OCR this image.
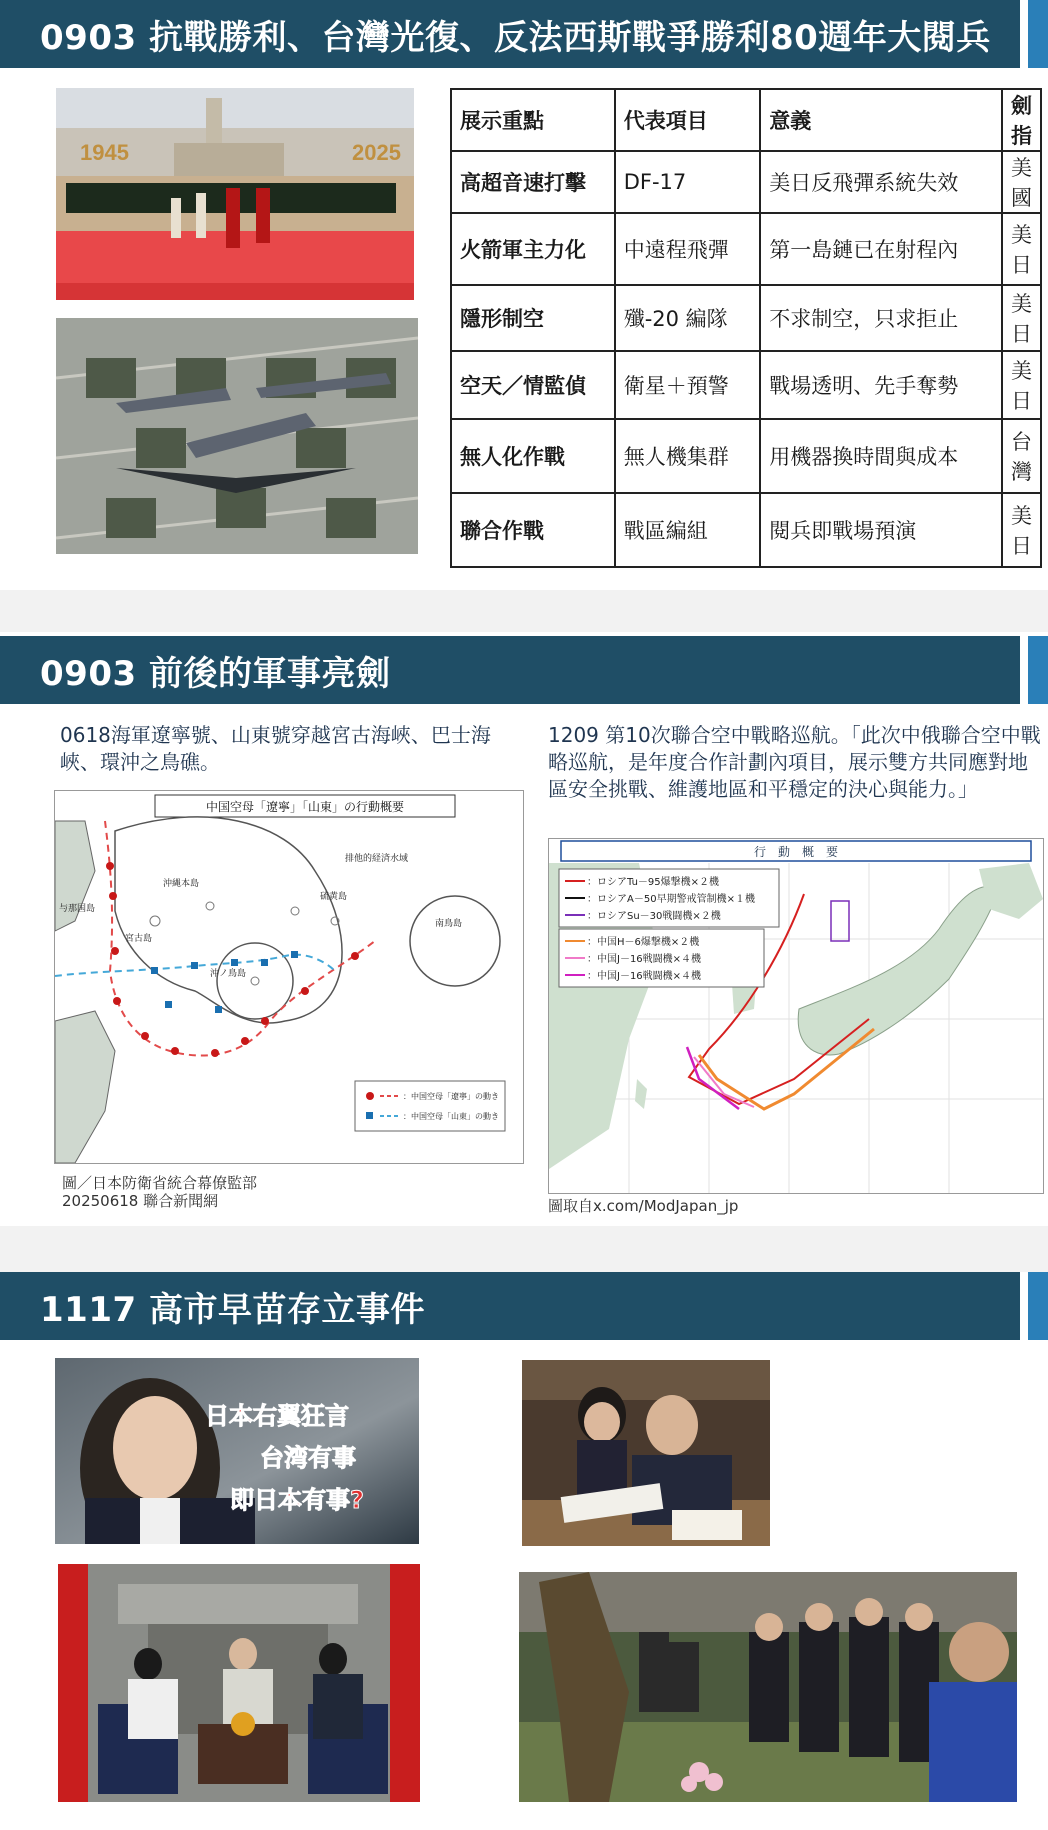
0903 抗戰勝利、台灣光復、反法西斯戰爭勝利80週年大閱兵
1945	2025
展示重點	代表項目	意義	劍指
高超音速打擊	DF-17	美日反飛彈系統失效	美國
火箭軍主力化	中遠程飛彈	第一島鏈已在射程內	美日
隱形制空	殲-20 編隊	不求制空，只求拒止	美日
空天／情監偵	衛星＋預警	戰場透明、先手奪勢	美日
無人化作戰	無人機集群	用機器換時間與成本	台灣
聯合作戰	戰區編組	閱兵即戰場預演	美日
0903 前後的軍事亮劍
0618海軍遼寧號、山東號穿越宮古海峽、巴士海峽、環沖之鳥礁。
中国空母「遼寧」「山東」の行動概要
沖縄本島
宮古島
沖ノ鳥島
硫黄島
南鳥島
排他的経済水域
与那国島
：中国空母「遼寧」の動き
：中国空母「山東」の動き
圖／日本防衛省統合幕僚監部
20250618 聯合新聞網
1209 第10次聯合空中戰略巡航。「此次中俄聯合空中戰略巡航，是年度合作計劃內項目，展示雙方共同應對地區安全挑戰、維護地區和平穩定的決心與能力。」
行　動　概　要
：ロシアTu－95爆撃機×２機
：ロシアA－50早期警戒管制機×１機
：ロシアSu－30戦闘機×２機
：中国H－6爆撃機×２機
：中国J－16戦闘機×４機
：中国J－16戦闘機×４機
圖取自x.com/ModJapan_jp
1117 高市早苗存立事件
日本右翼狂言
台湾有事
即日本有事?
